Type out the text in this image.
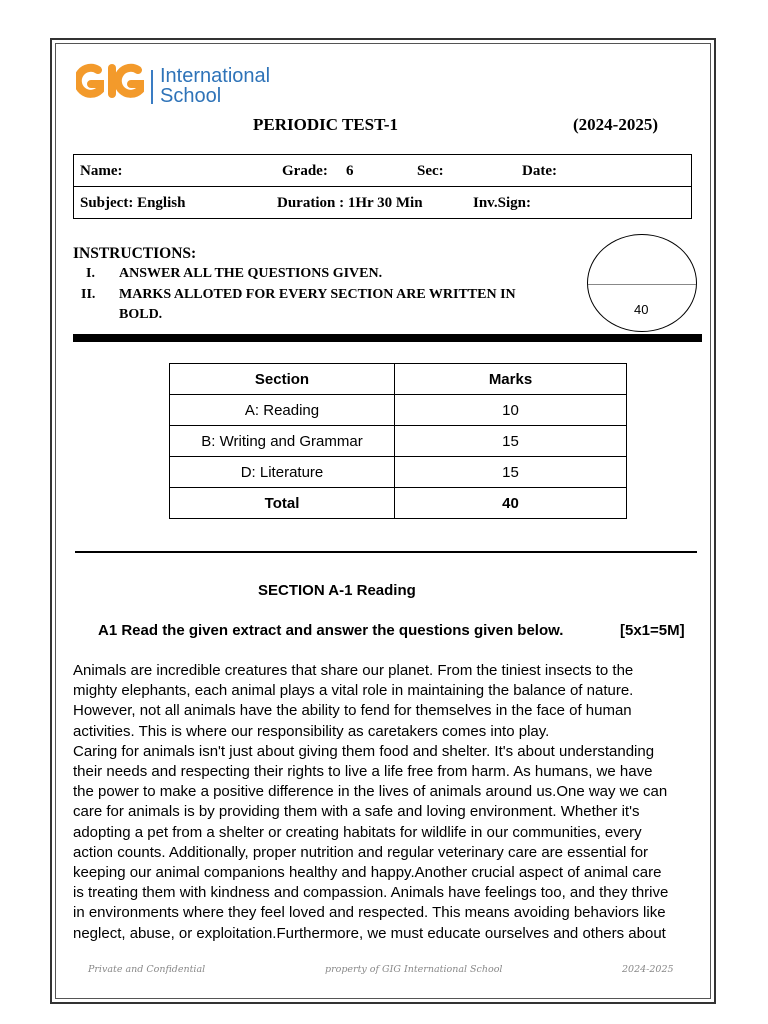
GIG
International
School
PERIODIC TEST-1	(2024-2025)
Name:	Grade: 6	Sec:	Date:

Subject: English	Duration : 1Hr 30 Min	Inv.Sign:
INSTRUCTIONS:
I. ANSWER ALL THE QUESTIONS GIVEN.
II. MARKS ALLOTED FOR EVERY SECTION ARE WRITTEN IN
BOLD.	40
Section	Marks
A: Reading	10
B: Writing and Grammar	15
D: Literature	15
Total	40
SECTION A-1 Reading
A1 Read the given extract and answer the questions given below.	[5x1=5M]

Animals are incredible creatures that share our planet. From the tiniest insects to the

mighty elephants, each animal plays a vital role in maintaining the balance of nature.

However, not all animals have the ability to fend for themselves in the face of human

activities. This is where our responsibility as caretakers comes into play.

Caring for animals isn't just about giving them food and shelter. It's about understanding

their needs and respecting their rights to live a life free from harm. As humans, we have

the power to make a positive difference in the lives of animals around us.One way we can

care for animals is by providing them with a safe and loving environment. Whether it's

adopting a pet from a shelter or creating habitats for wildlife in our communities, every

action counts. Additionally, proper nutrition and regular veterinary care are essential for

keeping our animal companions healthy and happy.Another crucial aspect of animal care

is treating them with kindness and compassion. Animals have feelings too, and they thrive

in environments where they feel loved and respected. This means avoiding behaviors like

neglect, abuse, or exploitation.Furthermore, we must educate ourselves and others about

Private and Confidential	property of GIG International School	2024-2025
